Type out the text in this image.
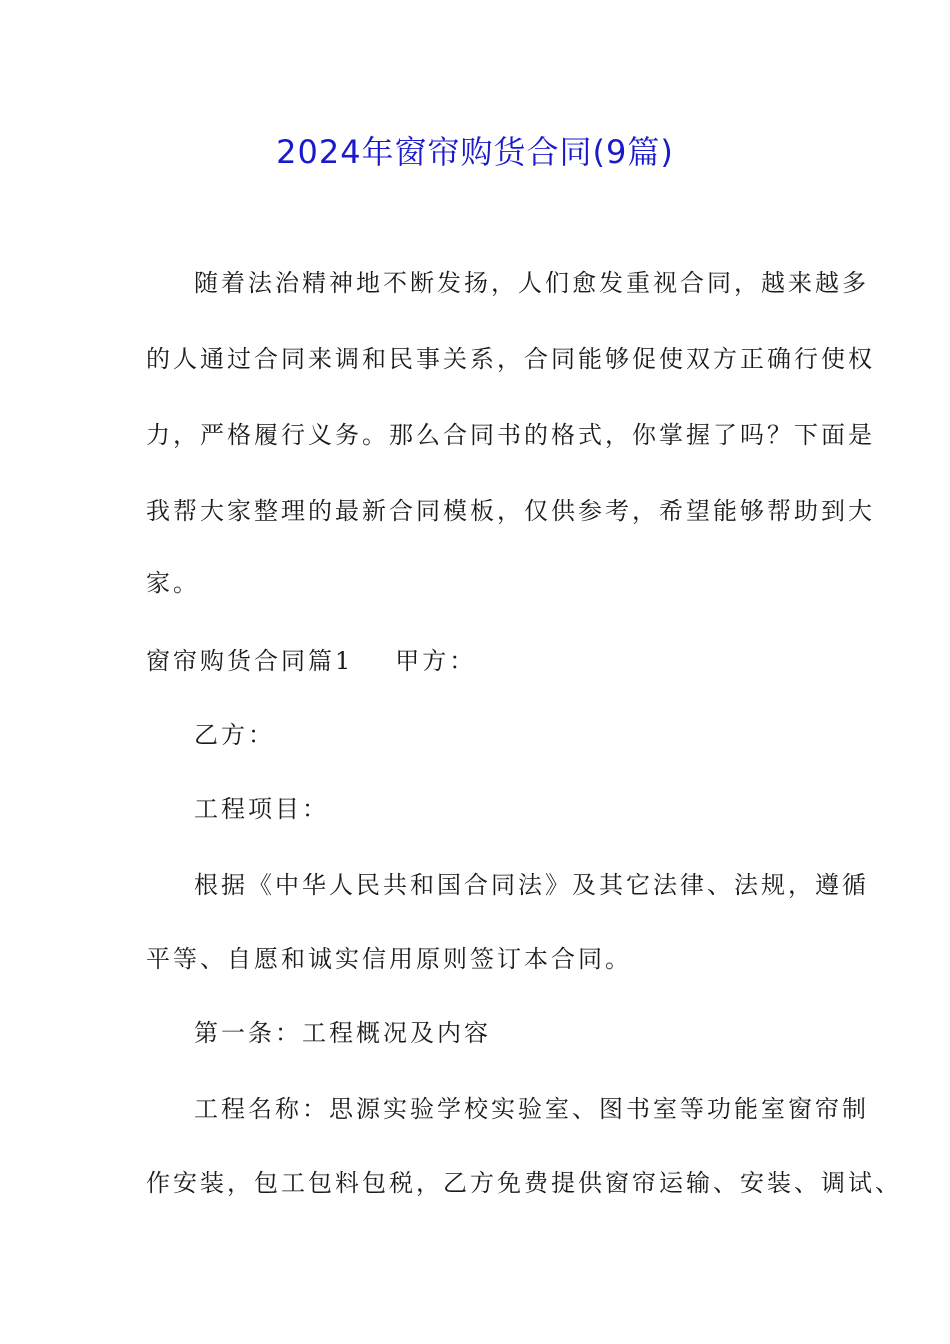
2024年窗帘购货合同(9篇)
随着法治精神地不断发扬，人们愈发重视合同，越来越多
的人通过合同来调和民事关系，合同能够促使双方正确行使权
力，严格履行义务。那么合同书的格式，你掌握了吗？下面是
我帮大家整理的最新合同模板，仅供参考，希望能够帮助到大
家。
窗帘购货合同篇1 甲方：
乙方：
工程项目：
根据《中华人民共和国合同法》及其它法律、法规，遵循
平等、自愿和诚实信用原则签订本合同。
第一条：工程概况及内容
工程名称：思源实验学校实验室、图书室等功能室窗帘制
作安装，包工包料包税，乙方免费提供窗帘运输、安装、调试、
